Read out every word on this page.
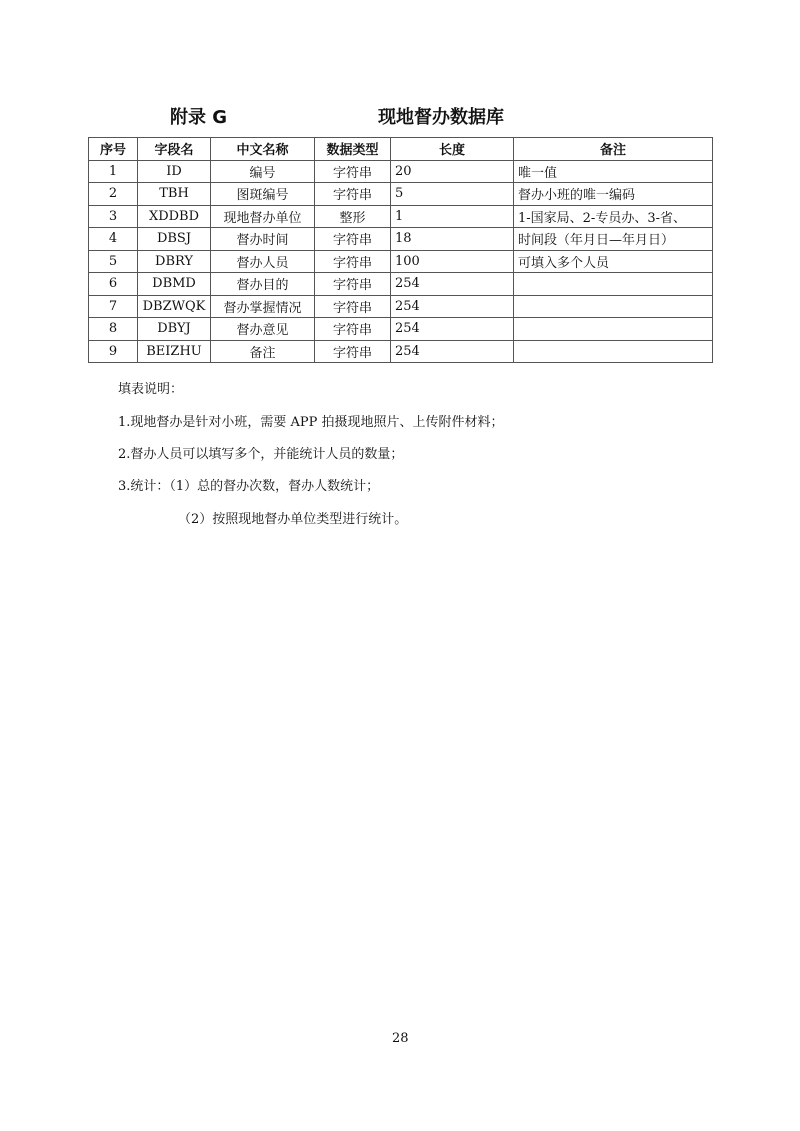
附录 G	现地督办数据库
序号	字段名	中文名称	数据类型	长度	备注
1	ID	编号	字符串	20	唯一值
2	TBH	图斑编号	字符串	5	督办小班的唯一编码
3	XDDBD	现地督办单位	整形	1	1-国家局、2-专员办、3-省、
4	DBSJ	督办时间	字符串	18	时间段（年月日—年月日）
5	DBRY	督办人员	字符串	100	可填入多个人员
6	DBMD	督办目的	字符串	254	
7	DBZWQK	督办掌握情况	字符串	254	
8	DBYJ	督办意见	字符串	254	
9	BEIZHU	备注	字符串	254	
填表说明：
1.现地督办是针对小班，需要 APP 拍摄现地照片、上传附件材料；
2.督办人员可以填写多个，并能统计人员的数量；
3.统计：（1）总的督办次数，督办人数统计；
（2）按照现地督办单位类型进行统计。
28
